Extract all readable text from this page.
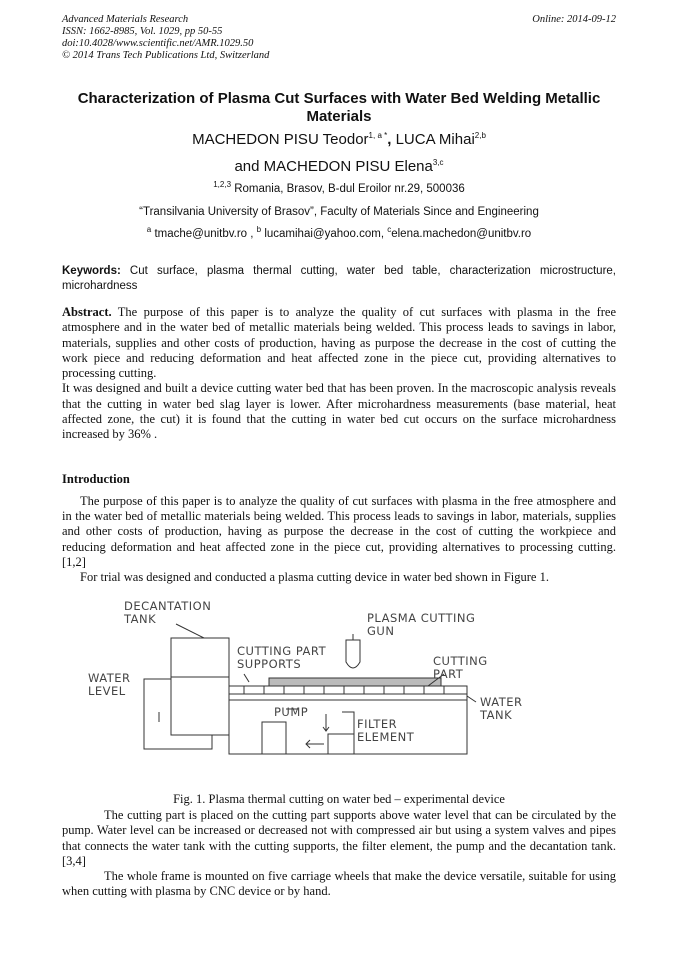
Advanced Materials Research
ISSN: 1662-8985, Vol. 1029, pp 50-55
doi:10.4028/www.scientific.net/AMR.1029.50
© 2014 Trans Tech Publications Ltd, Switzerland
Online: 2014-09-12
Characterization of Plasma Cut Surfaces with Water Bed Welding Metallic Materials
MACHEDON PISU Teodor$^{1, a *}$, LUCA Mihai$^{2,b}$
and MACHEDON PISU Elena$^{3,c}$
$^{1,2,3}$ Romania, Brasov, B-dul Eroilor nr.29, 500036
“Transilvania University of Brasov”, Faculty of Materials Since and Engineering
$^a$ tmache@unitbv.ro , $^b$ lucamihai@yahoo.com, $^c$elena.machedon@unitbv.ro
Keywords: Cut surface, plasma thermal cutting, water bed table, characterization microstructure, microhardness

Abstract. The purpose of this paper is to analyze the quality of cut surfaces with plasma in the free atmosphere and in the water bed of metallic materials being welded. This process leads to savings in labor, materials, supplies and other costs of production, having as purpose the decrease in the cost of cutting the work piece and reducing deformation and heat affected zone in the piece cut, providing alternatives to processing cutting.

It was designed and built a device cutting water bed that has been proven. In the macroscopic analysis reveals that the cutting in water bed slag layer is lower. After microhardness measurements (base material, heat affected zone, the cut) it is found that the cutting in water bed cut occurs on the surface microhardness increased by 36% .

Introduction

The purpose of this paper is to analyze the quality of cut surfaces with plasma in the free atmosphere and in the water bed of metallic materials being welded. This process leads to savings in labor, materials, supplies and other costs of production, having as purpose the decrease in the cost of cutting the workpiece and reducing deformation and heat affected zone in the piece cut, providing alternatives to processing cutting. [1,2]

For trial was designed and conducted a plasma cutting device in water bed shown in Figure 1.

DECANTATION
TANK	PLASMA CUTTING
GUN
CUTTING PART
SUPPORTS	CUTTING
PART
WATER
LEVEL
PUMP
FILTER
ELEMENT
WATER
TANK
Fig. 1. Plasma thermal cutting on water bed – experimental device

The cutting part is placed on the cutting part supports above water level that can be circulated by the pump. Water level can be increased or decreased not with compressed air but using a system valves and pipes that connects the water tank with the cutting supports, the filter element, the pump and the decantation tank. [3,4]

The whole frame is mounted on five carriage wheels that make the device versatile, suitable for using when cutting with plasma by CNC device or by hand.
